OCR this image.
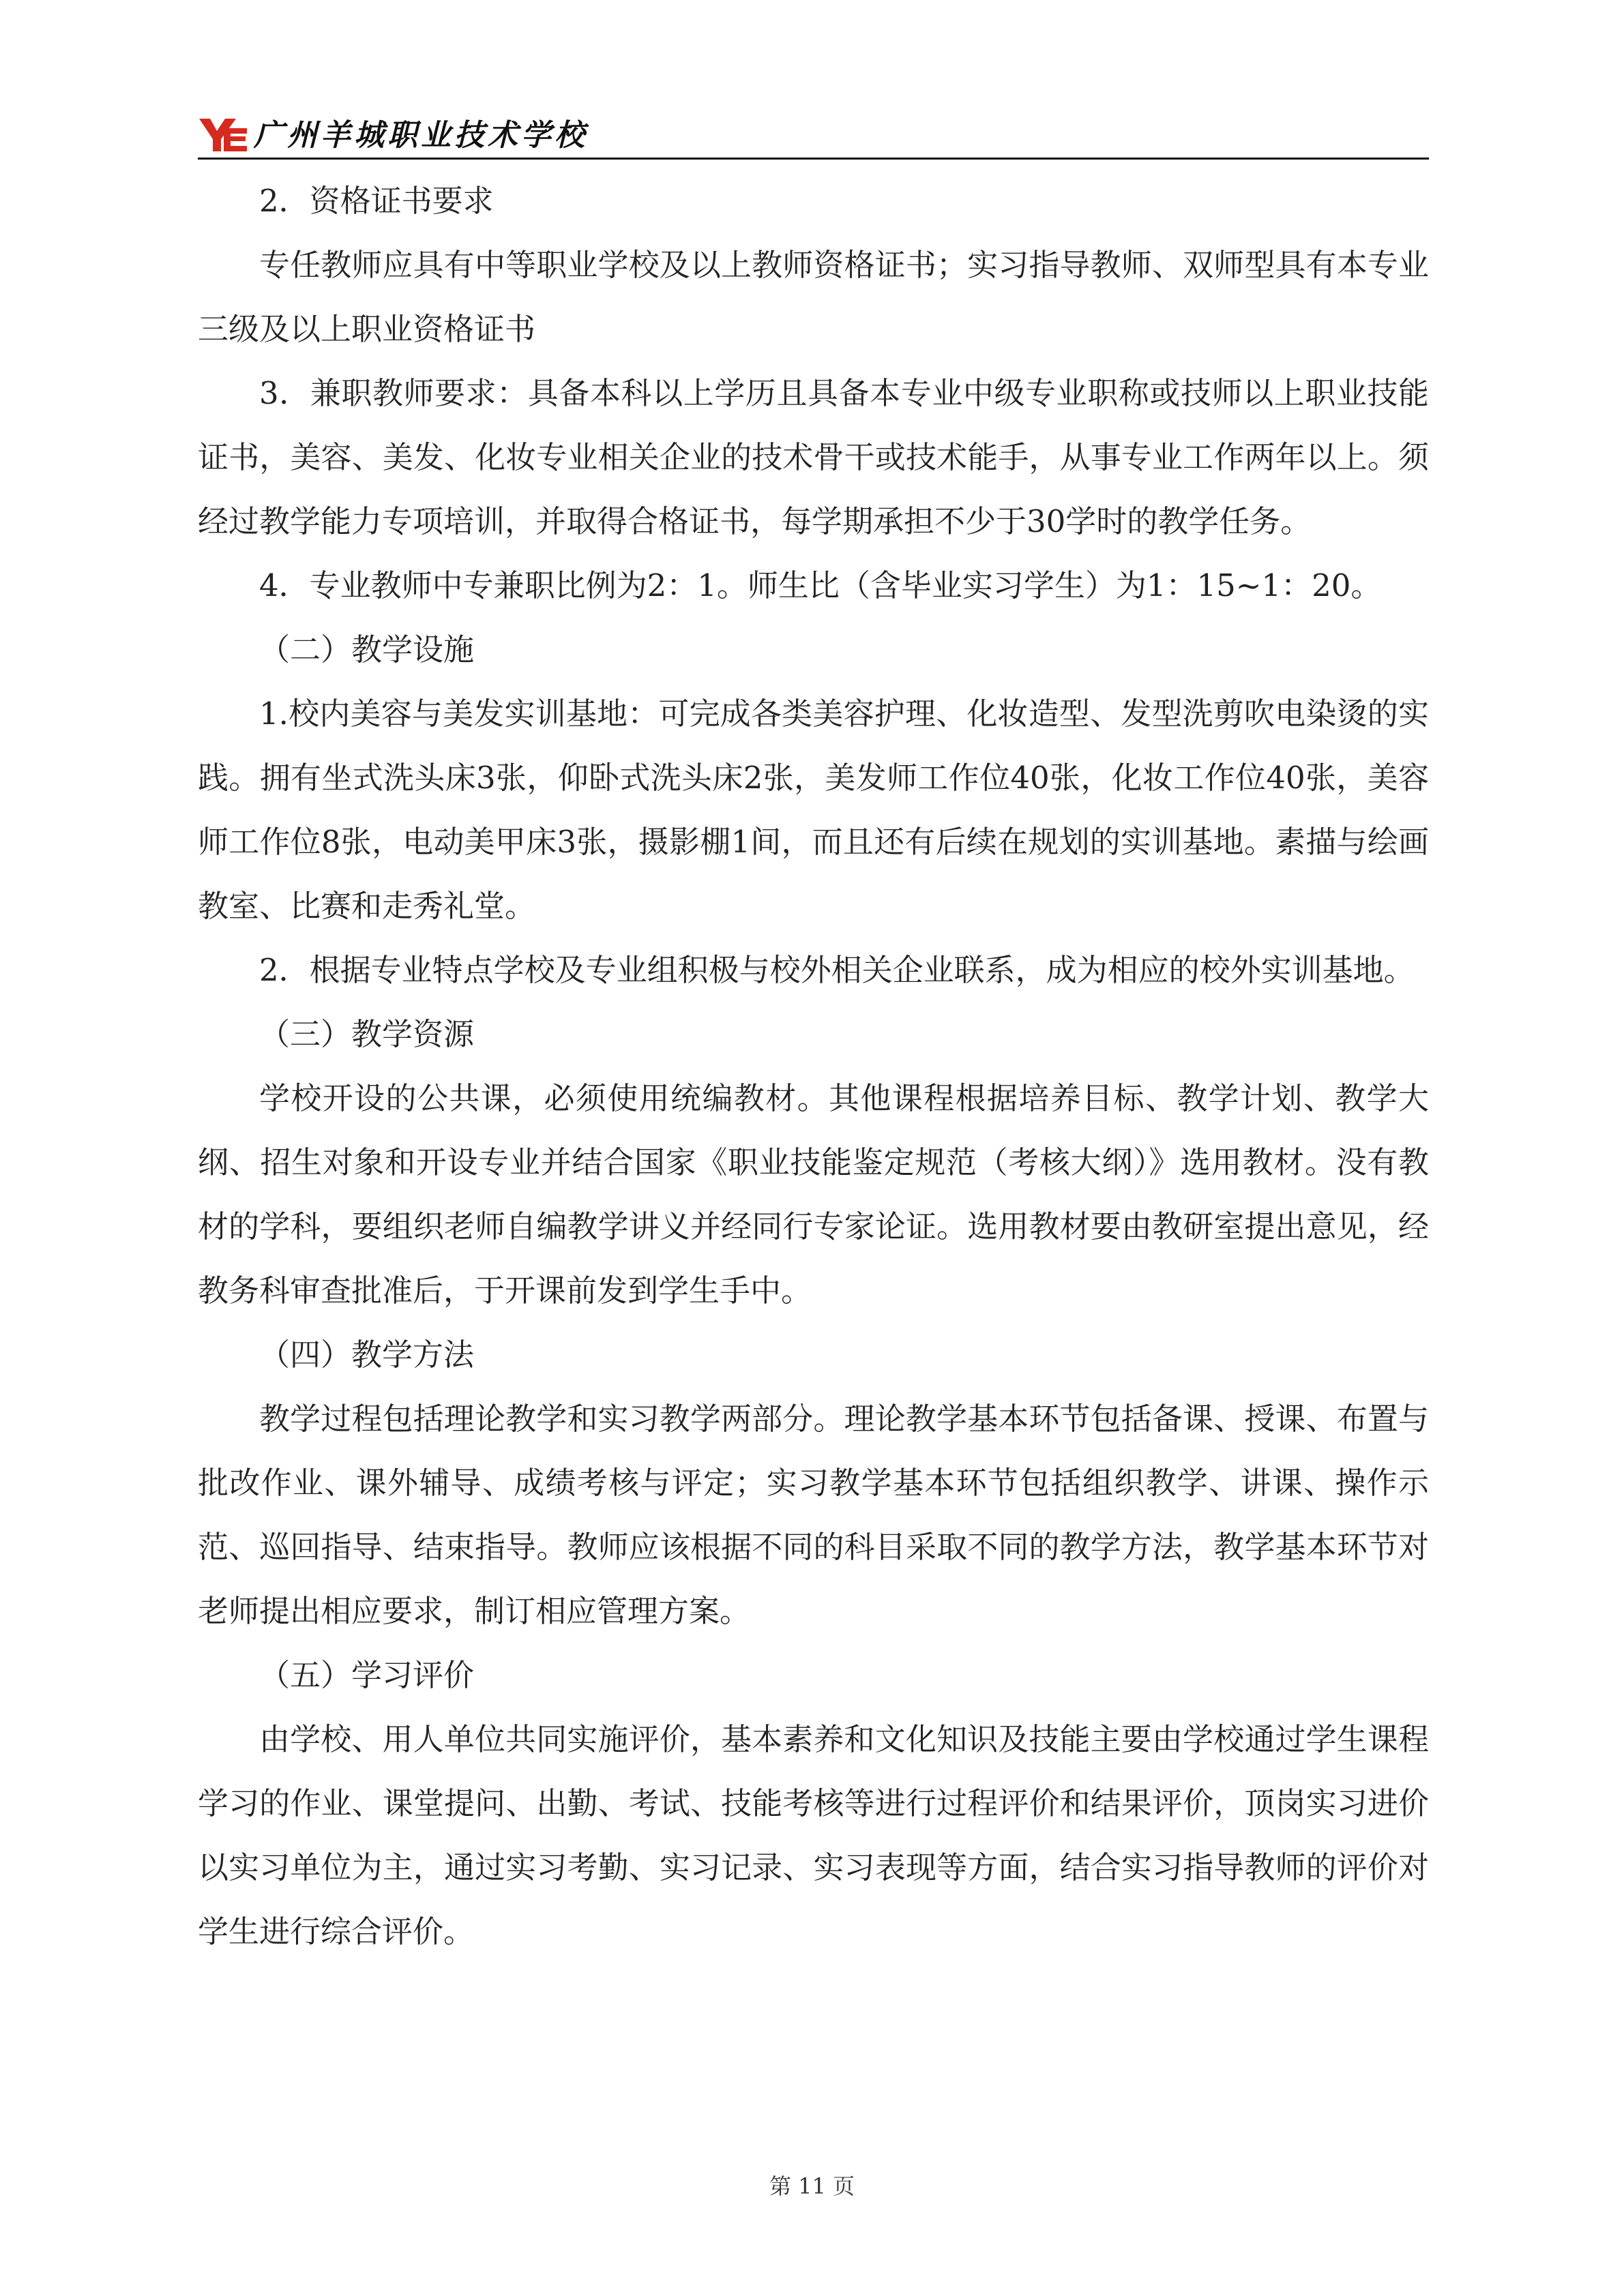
广州羊城职业技术学校

2．资格证书要求

专任教师应具有中等职业学校及以上教师资格证书；实习指导教师、双师型具有本专业三级及以上职业资格证书

3．兼职教师要求：具备本科以上学历且具备本专业中级专业职称或技师以上职业技能证书，美容、美发、化妆专业相关企业的技术骨干或技术能手，从事专业工作两年以上。须经过教学能力专项培训，并取得合格证书，每学期承担不少于30学时的教学任务。

4．专业教师中专兼职比例为2：1。师生比（含毕业实习学生）为1：15~1：20。

（二）教学设施

1.校内美容与美发实训基地：可完成各类美容护理、化妆造型、发型洗剪吹电染烫的实践。拥有坐式洗头床3张，仰卧式洗头床2张，美发师工作位40张，化妆工作位40张，美容师工作位8张，电动美甲床3张，摄影棚1间，而且还有后续在规划的实训基地。素描与绘画教室、比赛和走秀礼堂。

2．根据专业特点学校及专业组积极与校外相关企业联系，成为相应的校外实训基地。

（三）教学资源

学校开设的公共课，必须使用统编教材。其他课程根据培养目标、教学计划、教学大纲、招生对象和开设专业并结合国家《职业技能鉴定规范（考核大纲）》选用教材。没有教材的学科，要组织老师自编教学讲义并经同行专家论证。选用教材要由教研室提出意见，经教务科审查批准后，于开课前发到学生手中。

（四）教学方法

教学过程包括理论教学和实习教学两部分。理论教学基本环节包括备课、授课、布置与批改作业、课外辅导、成绩考核与评定；实习教学基本环节包括组织教学、讲课、操作示范、巡回指导、结束指导。教师应该根据不同的科目采取不同的教学方法，教学基本环节对老师提出相应要求，制订相应管理方案。

（五）学习评价

由学校、用人单位共同实施评价，基本素养和文化知识及技能主要由学校通过学生课程学习的作业、课堂提问、出勤、考试、技能考核等进行过程评价和结果评价，顶岗实习进价以实习单位为主，通过实习考勤、实习记录、实习表现等方面，结合实习指导教师的评价对学生进行综合评价。

第 11 页
